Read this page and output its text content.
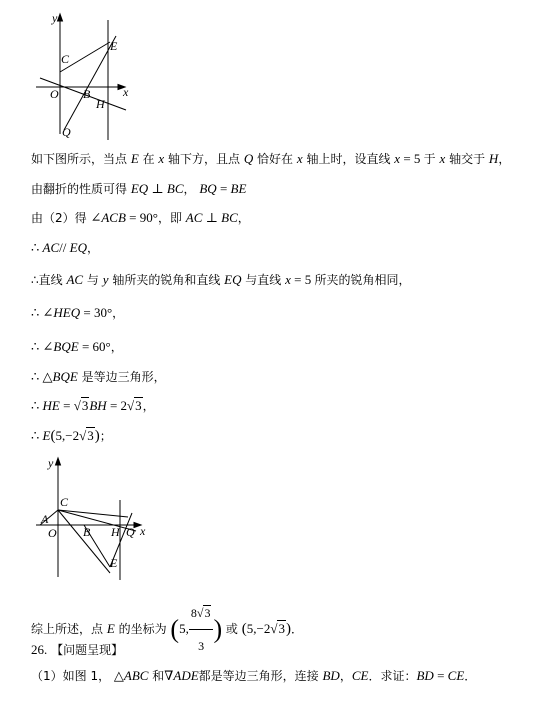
y
x
O
C
E
B
H
Q
如下图所示，当点 E 在 x 轴下方，且点 Q 恰好在 x 轴上时，设直线 x = 5 于 x 轴交于 H，
由翻折的性质可得 EQ ⊥ BC， BQ = BE
由（2）得 ∠ACB = 90°，即 AC ⊥ BC，
∴ AC// EQ，
∴直线 AC 与 y 轴所夹的锐角和直线 EQ 与直线 x = 5 所夹的锐角相同，
∴ ∠HEQ = 30°，
∴ ∠BQE = 60°，
∴ △BQE 是等边三角形，
∴ HE = √3BH = 2√3，
∴ E(5,−2√3)；
y
x
O
C
A
B H Q
E
综上所述，点 E 的坐标为 (5, $\frac{8√3}{3}$ ) 或 (5,−2√3)．
26. 【问题呈现】
（1）如图 1， △ABC 和∇ADE都是等边三角形，连接 BD，CE．求证：BD = CE．
